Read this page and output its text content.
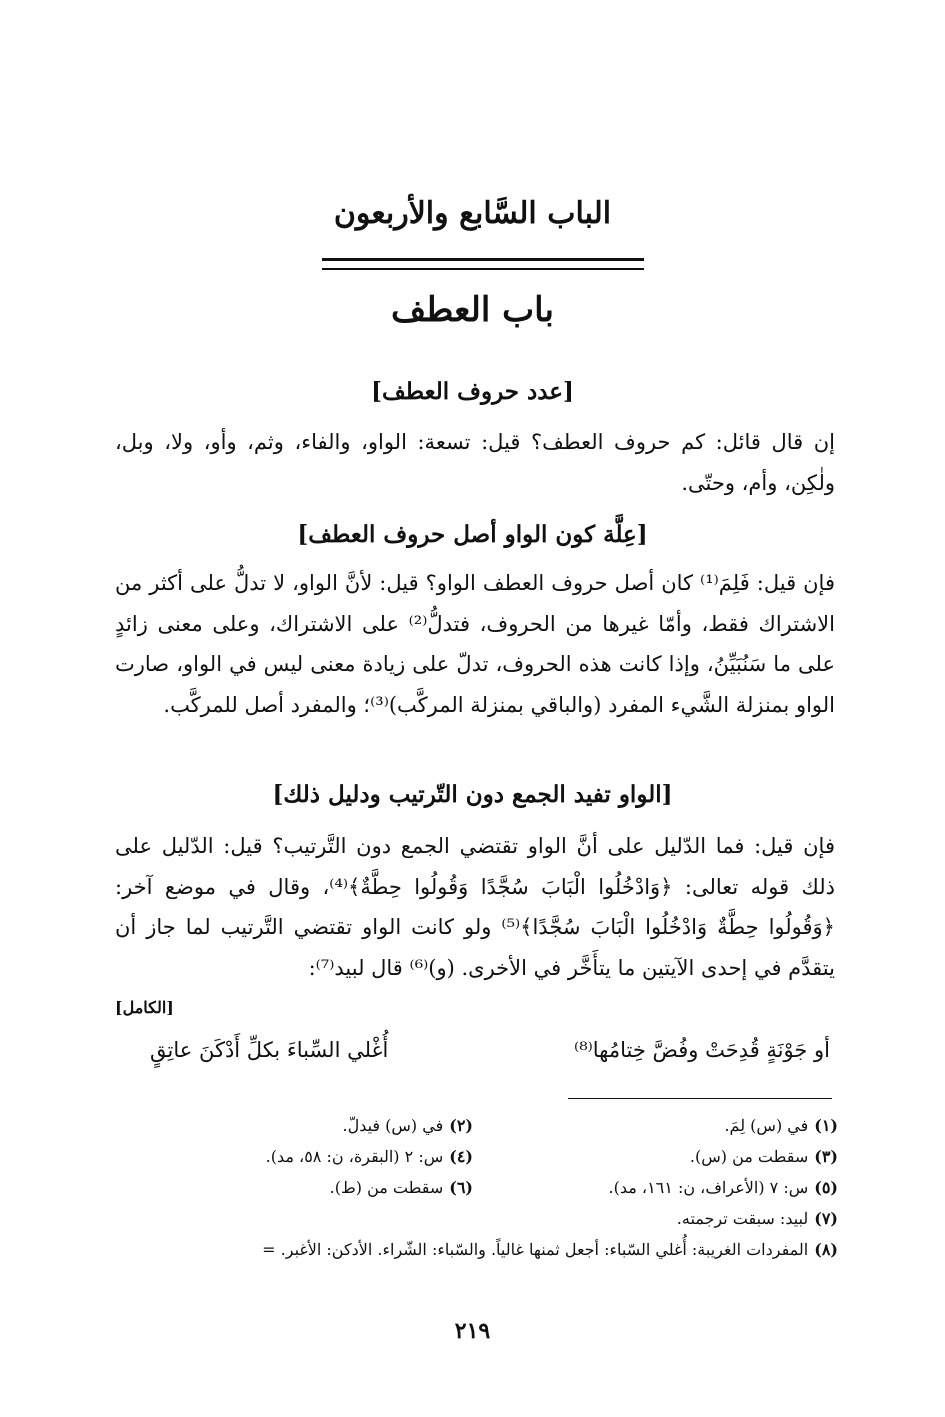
الباب السَّابع والأربعون
باب العطف
[عدد حروف العطف]

إن قال قائل: كم حروف العطف؟ قيل: تسعة: الواو، والفاء، وثم، وأو، ولا، وبل، ولٰكِن، وأم، وحتّى.

[عِلَّة كون الواو أصل حروف العطف]

فإن قيل: فَلِمَ⁽¹⁾ كان أصل حروف العطف الواو؟ قيل: لأنَّ الواو، لا تدلُّ على أكثر من الاشتراك فقط، وأمّا غيرها من الحروف، فتدلُّ⁽²⁾ على الاشتراك، وعلى معنى زائدٍ على ما سَنُبَيِّنُ، وإذا كانت هذه الحروف، تدلّ على زيادة معنى ليس في الواو، صارت الواو بمنزلة الشَّيء المفرد (والباقي بمنزلة المركَّب)⁽³⁾؛ والمفرد أصل للمركَّب.

[الواو تفيد الجمع دون التّرتيب ودليل ذلك]

فإن قيل: فما الدّليل على أنَّ الواو تقتضي الجمع دون التَّرتيب؟ قيل: الدّليل على ذلك قوله تعالى: ﴿وَادْخُلُوا الْبَابَ سُجَّدًا وَقُولُوا حِطَّةٌ﴾⁽⁴⁾، وقال في موضع آخر: ﴿وَقُولُوا حِطَّةٌ وَادْخُلُوا الْبَابَ سُجَّدًا﴾⁽⁵⁾ ولو كانت الواو تقتضي التَّرتيب لما جاز أن يتقدَّم في إحدى الآيتين ما يتأَخَّر في الأخرى. (و)⁽⁶⁾ قال لبيد⁽⁷⁾:

[الكامل]
أُغْلي السِّباءَ بكلِّ أَدْكَنَ عاتِقٍ	أو جَوْنَةٍ قُدِحَتْ وفُضَّ خِتامُها⁽⁸⁾
(١)في (س) لِمَ.
(٢)في (س) فيدلّ.
(٣)سقطت من (س).
(٤)س: ٢ (البقرة، ن: ٥٨، مد).
(٥)س: ٧ (الأعراف، ن: ١٦١، مد).
(٦)سقطت من (ط).
(٧)لبيد: سبقت ترجمته.
(٨)المفردات الغريبة: أُغلي السّباء: أجعل ثمنها غالياً. والسّباء: الشّراء. الأدكن: الأغبر. =
٢١٩
